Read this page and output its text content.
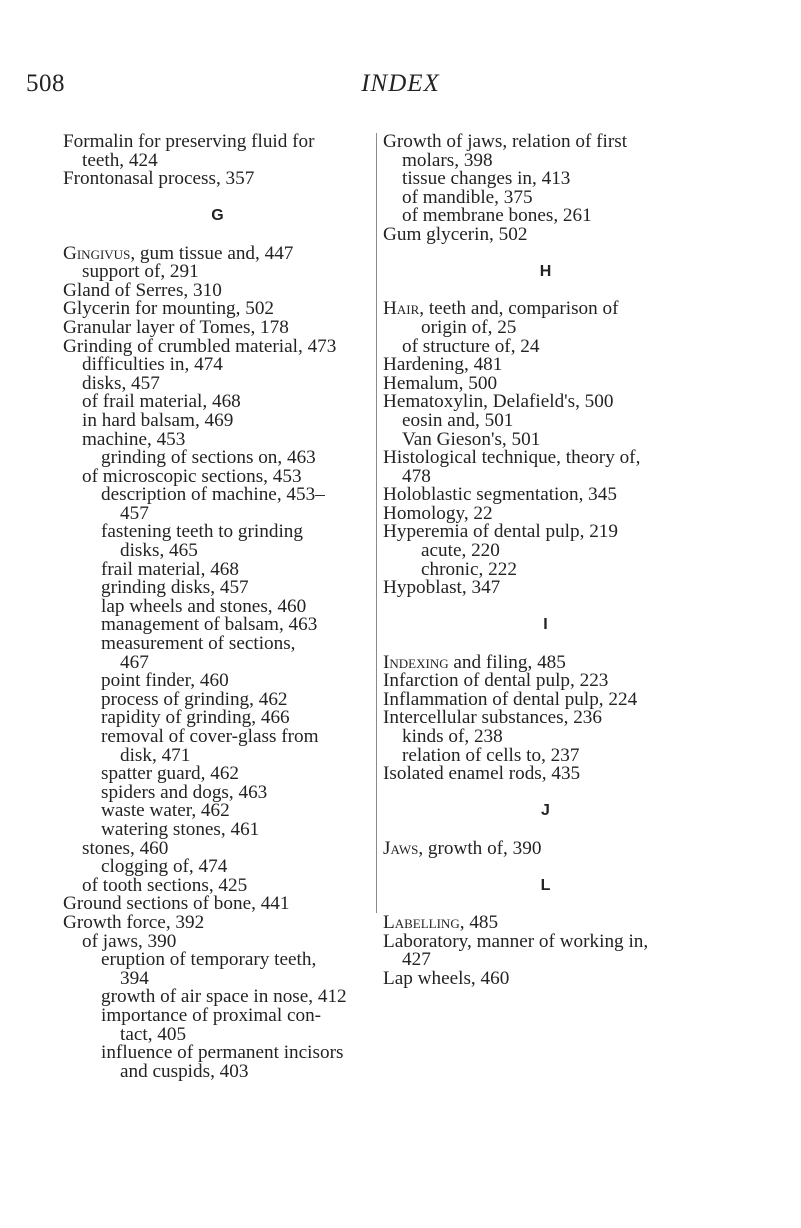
508	INDEX
Formalin for preserving fluid for
teeth, 424
Frontonasal process, 357
G
Gingivus, gum tissue and, 447
support of, 291
Gland of Serres, 310
Glycerin for mounting, 502
Granular layer of Tomes, 178
Grinding of crumbled material, 473
difficulties in, 474
disks, 457
of frail material, 468
in hard balsam, 469
machine, 453
grinding of sections on, 463
of microscopic sections, 453
description of machine, 453–
457
fastening teeth to grinding
disks, 465
frail material, 468
grinding disks, 457
lap wheels and stones, 460
management of balsam, 463
measurement of sections,
467
point finder, 460
process of grinding, 462
rapidity of grinding, 466
removal of cover-glass from
disk, 471
spatter guard, 462
spiders and dogs, 463
waste water, 462
watering stones, 461
stones, 460
clogging of, 474
of tooth sections, 425
Ground sections of bone, 441
Growth force, 392
of jaws, 390
eruption of temporary teeth,
394
growth of air space in nose, 412
importance of proximal con-
tact, 405
influence of permanent incisors
and cuspids, 403
Growth of jaws, relation of first
molars, 398
tissue changes in, 413
of mandible, 375
of membrane bones, 261
Gum glycerin, 502
H
Hair, teeth and, comparison of
origin of, 25
of structure of, 24
Hardening, 481
Hemalum, 500
Hematoxylin, Delafield's, 500
eosin and, 501
Van Gieson's, 501
Histological technique, theory of,
478
Holoblastic segmentation, 345
Homology, 22
Hyperemia of dental pulp, 219
acute, 220
chronic, 222
Hypoblast, 347
I
Indexing and filing, 485
Infarction of dental pulp, 223
Inflammation of dental pulp, 224
Intercellular substances, 236
kinds of, 238
relation of cells to, 237
Isolated enamel rods, 435
J
Jaws, growth of, 390
L
Labelling, 485
Laboratory, manner of working in,
427
Lap wheels, 460
